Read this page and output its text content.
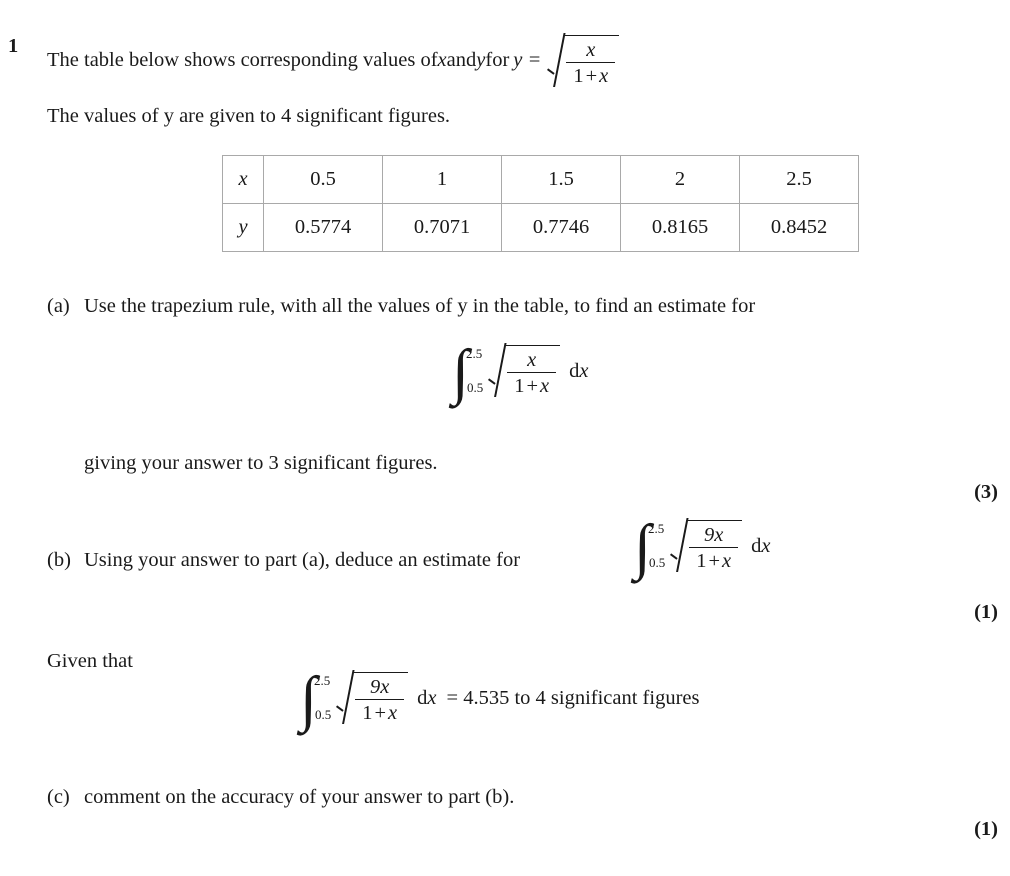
1
The table below shows corresponding values of x and y for $y = \frac{x}{1+x}$
The values of y are given to 4 significant figures.
x	0.5	1	1.5	2	2.5
y	0.5774	0.7071	0.7746	0.8165	0.8452
(a) Use the trapezium rule, with all the values of y in the table, to find an estimate for
∫
2.5
$0.5 \frac{x}{1+x}$ dx
giving your answer to 3 significant figures.
(3)
(b) Using your answer to part (a), deduce an estimate for ∫
2.5
$0.5 \frac{9x}{1+x}$ dx
(1)
Given that
∫
2.5
$0.5 \frac{9x}{1+x}$ dx = 4.535 to 4 significant figures
(c) comment on the accuracy of your answer to part (b).
(1)
